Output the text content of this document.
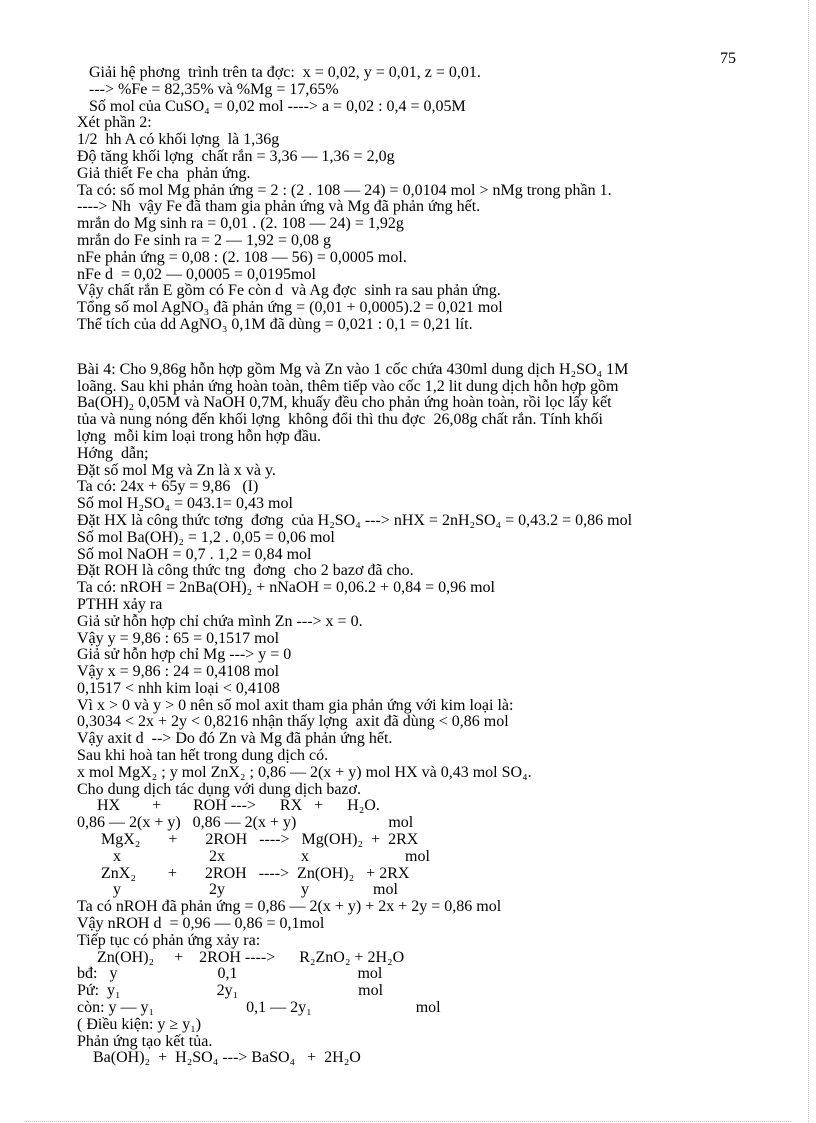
75
Giải hệ phơng  trình trên ta đợc:  x = 0,02, y = 0,01, z = 0,01.
---> %Fe = 82,35% và %Mg = 17,65%
Số mol của CuSO₄ = 0,02 mol ----> a = 0,02 : 0,4 = 0,05M
Xét phần 2:
1/2  hh A có khối lợng  là 1,36g
Độ tăng khối lợng  chất rắn = 3,36 — 1,36 = 2,0g
Giả thiết Fe cha  phản ứng.
Ta có: số mol Mg phản ứng = 2 : (2 . 108 — 24) = 0,0104 mol > nMg trong phần 1.
----> Nh  vậy Fe đã tham gia phản ứng và Mg đã phản ứng hết.
mrắn do Mg sinh ra = 0,01 . (2. 108 — 24) = 1,92g
mrắn do Fe sinh ra = 2 — 1,92 = 0,08 g
nFe phản ứng = 0,08 : (2. 108 — 56) = 0,0005 mol.
nFe d  = 0,02 — 0,0005 = 0,0195mol
Vậy chất rắn E gồm có Fe còn d  và Ag đợc  sinh ra sau phản ứng.
Tổng số mol AgNO₃ đã phản ứng = (0,01 + 0,0005).2 = 0,021 mol
Thể tích của dd AgNO₃ 0,1M đã dùng = 0,021 : 0,1 = 0,21 lít.
Bài 4: Cho 9,86g hỗn hợp gồm Mg và Zn vào 1 cốc chứa 430ml dung dịch H₂SO₄ 1M
loãng. Sau khi phản ứng hoàn toàn, thêm tiếp vào cốc 1,2 lit dung dịch hỗn hợp gồm
Ba(OH)₂ 0,05M và NaOH 0,7M, khuấy đều cho phản ứng hoàn toàn, rồi lọc lấy kết
tủa và nung nóng đến khối lợng  không đổi thì thu đợc  26,08g chất rắn. Tính khối
lợng  mỗi kim loại trong hỗn hợp đầu.
Hớng  dẫn;
Đặt số mol Mg và Zn là x và y.
Ta có: 24x + 65y = 9,86   (I)
Số mol H₂SO₄ = 043.1= 0,43 mol
Đặt HX là công thức tơng  đơng  của H₂SO₄ ---> nHX = 2nH₂SO₄ = 0,43.2 = 0,86 mol
Số mol Ba(OH)₂ = 1,2 . 0,05 = 0,06 mol
Số mol NaOH = 0,7 . 1,2 = 0,84 mol
Đặt ROH là công thức tng  đơng  cho 2 bazơ đã cho.
Ta có: nROH = 2nBa(OH)₂ + nNaOH = 0,06.2 + 0,84 = 0,96 mol
PTHH xảy ra
Giả sử hỗn hợp chỉ chứa mình Zn ---> x = 0.
Vậy y = 9,86 : 65 = 0,1517 mol
Giả sử hỗn hợp chỉ Mg ---> y = 0
Vậy x = 9,86 : 24 = 0,4108 mol
0,1517 < nhh kim loại < 0,4108
Vì x > 0 và y > 0 nên số mol axit tham gia phản ứng với kim loại là:
0,3034 < 2x + 2y < 0,8216 nhận thấy lợng  axit đã dùng < 0,86 mol
Vậy axit d  --> Do đó Zn và Mg đã phản ứng hết.
Sau khi hoà tan hết trong dung dịch có.
x mol MgX₂ ; y mol ZnX₂ ; 0,86 — 2(x + y) mol HX và 0,43 mol SO₄.
Cho dung dịch tác dụng với dung dịch bazơ.
HX        +        ROH --->      RX   +      H₂O.
0,86 — 2(x + y)   0,86 — 2(x + y)                       mol
MgX₂       +       2ROH   ---->   Mg(OH)₂  +  2RX
x                      2x                   x                        mol
ZnX₂        +       2ROH   ---->  Zn(OH)₂   + 2RX
y                      2y                   y                mol
Ta có nROH đã phản ứng = 0,86 — 2(x + y) + 2x + 2y = 0,86 mol
Vậy nROH d  = 0,96 — 0,86 = 0,1mol
Tiếp tục có phản ứng xảy ra:
Zn(OH)₂     +    2ROH ---->      R₂ZnO₂ + 2H₂O
bđ:   y                         0,1                              mol
Pứ:  y₁                        2y₁                              mol
còn: y — y₁                       0,1 — 2y₁                          mol
( Điều kiện: y ≥ y₁)
Phản ứng tạo kết tủa.
Ba(OH)₂  +  H₂SO₄ ---> BaSO₄   +  2H₂O
